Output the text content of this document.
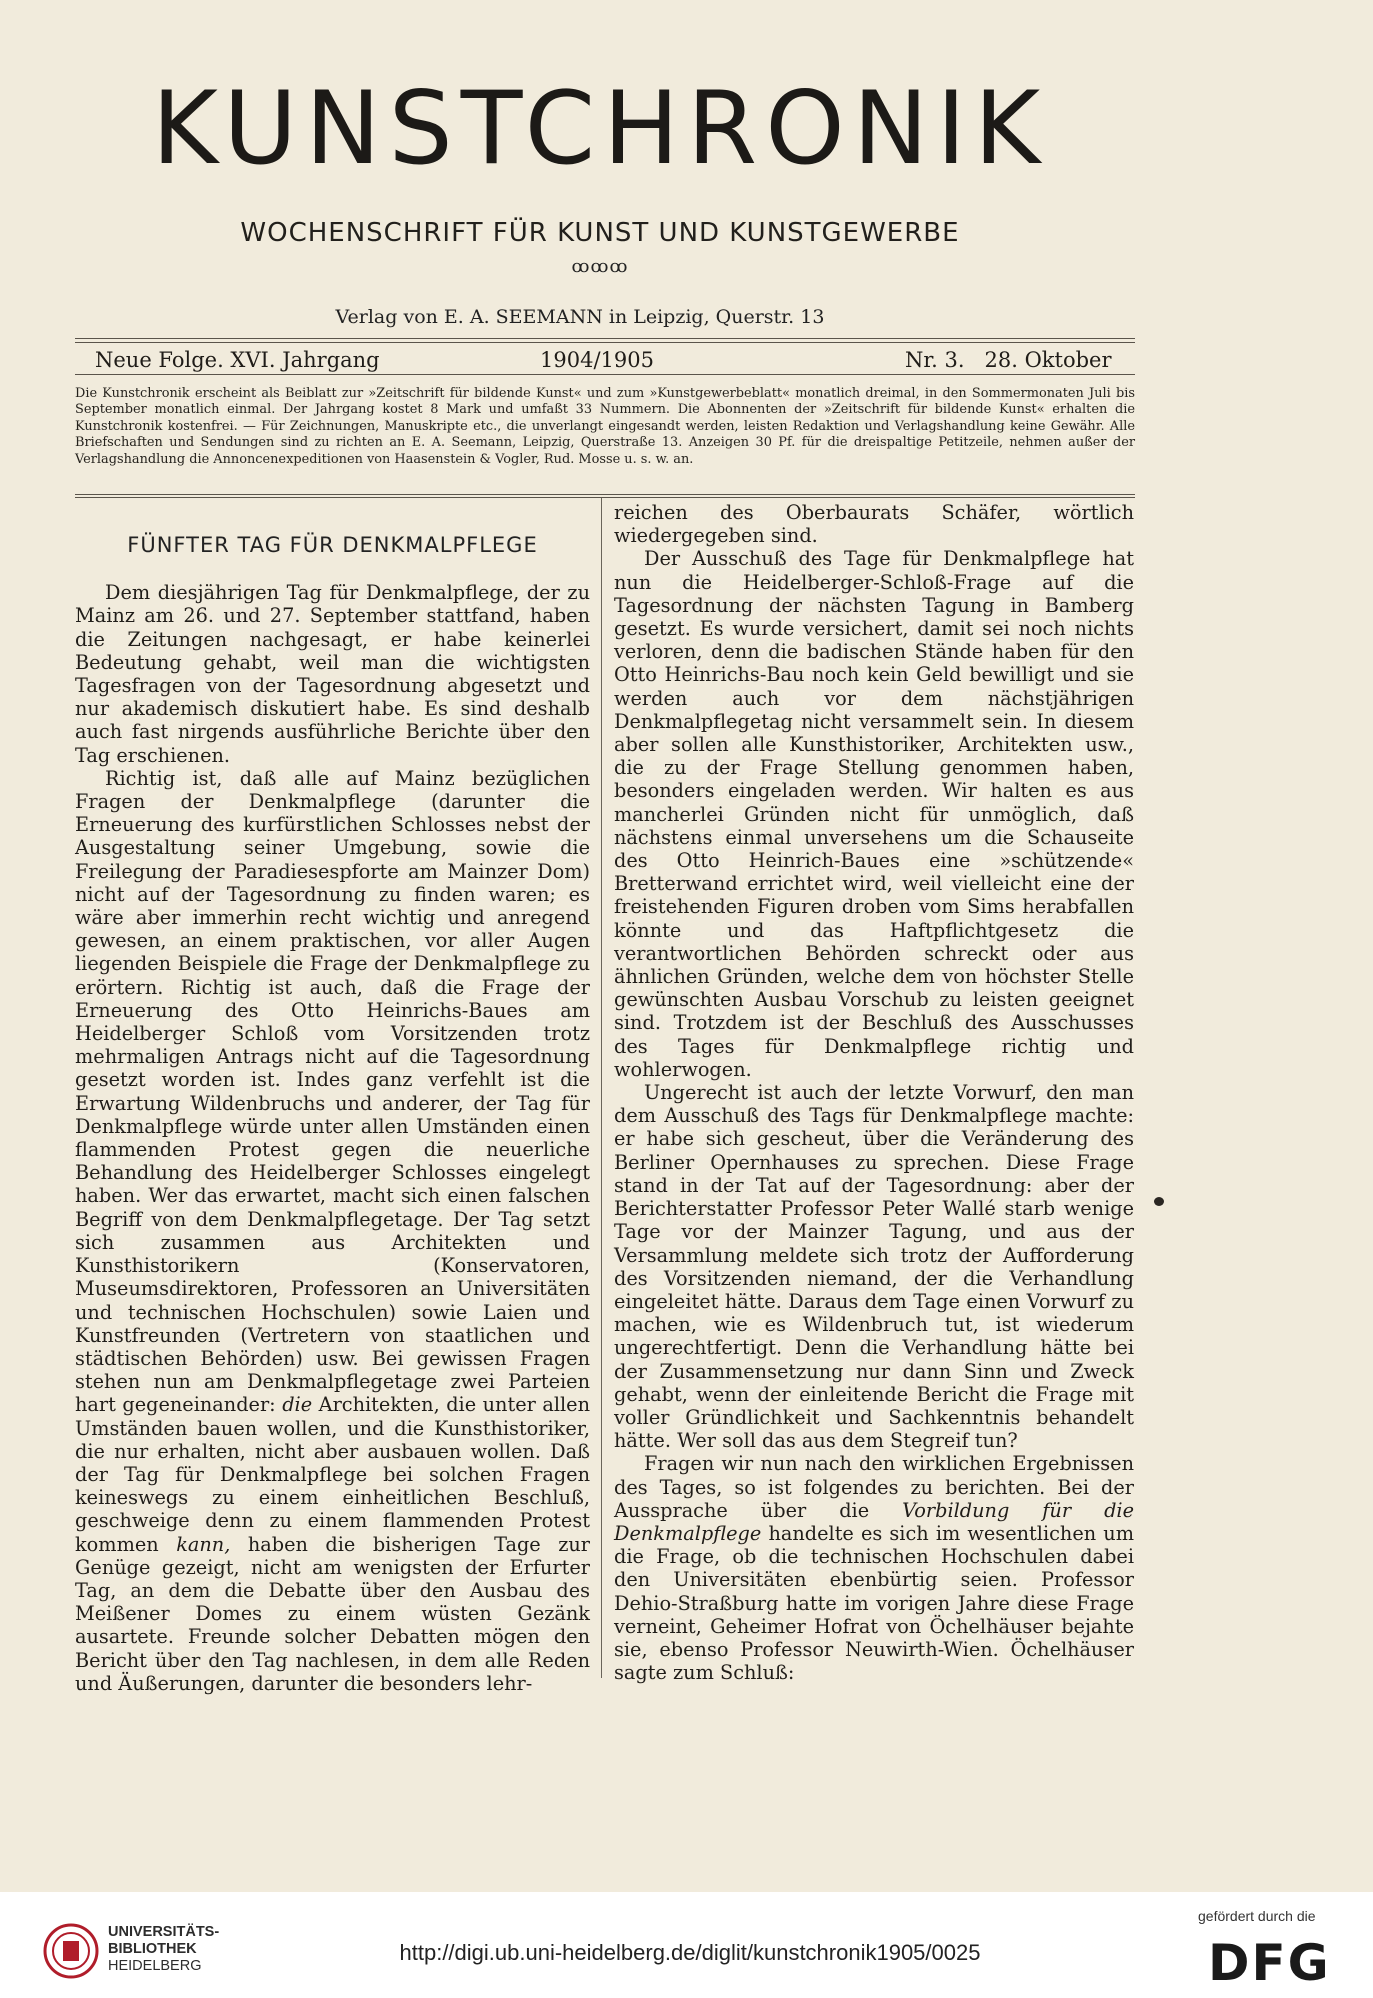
KUNSTCHRONIK
WOCHENSCHRIFT FÜR KUNST UND KUNSTGEWERBE
ꝏꝏꝏ
Verlag von E. A. SEEMANN in Leipzig, Querstr. 13
Neue Folge. XVI. Jahrgang	1904/1905	Nr. 3.   28. Oktober
Die Kunstchronik erscheint als Beiblatt zur »Zeitschrift für bildende Kunst« und zum »Kunstgewerbeblatt« monatlich dreimal, in den Sommermonaten Juli bis September monatlich einmal. Der Jahrgang kostet 8 Mark und umfaßt 33 Nummern. Die Abonnenten der »Zeitschrift für bildende Kunst« erhalten die Kunstchronik kostenfrei. — Für Zeichnungen, Manuskripte etc., die unverlangt eingesandt werden, leisten Redaktion und Verlagshandlung keine Gewähr. Alle Briefschaften und Sendungen sind zu richten an E. A. Seemann, Leipzig, Querstraße 13. Anzeigen 30 Pf. für die dreispaltige Petitzeile, nehmen außer der Verlagshandlung die Annoncenexpeditionen von Haasenstein & Vogler, Rud. Mosse u. s. w. an.
FÜNFTER TAG FÜR DENKMALPFLEGE

Dem diesjährigen Tag für Denkmalpflege, der zu Mainz am 26. und 27. September stattfand, haben die Zeitungen nachgesagt, er habe keinerlei Bedeutung gehabt, weil man die wichtigsten Tagesfragen von der Tagesordnung abgesetzt und nur akademisch diskutiert habe. Es sind deshalb auch fast nirgends ausführliche Berichte über den Tag erschienen.

Richtig ist, daß alle auf Mainz bezüglichen Fragen der Denkmalpflege (darunter die Erneuerung des kurfürstlichen Schlosses nebst der Ausgestaltung seiner Umgebung, sowie die Freilegung der Paradiesespforte am Mainzer Dom) nicht auf der Tagesordnung zu finden waren; es wäre aber immerhin recht wichtig und anregend gewesen, an einem praktischen, vor aller Augen liegenden Beispiele die Frage der Denkmalpflege zu erörtern. Richtig ist auch, daß die Frage der Erneuerung des Otto Heinrichs-Baues am Heidelberger Schloß vom Vorsitzenden trotz mehrmaligen Antrags nicht auf die Tagesordnung gesetzt worden ist. Indes ganz verfehlt ist die Erwartung Wildenbruchs und anderer, der Tag für Denkmalpflege würde unter allen Umständen einen flammenden Protest gegen die neuerliche Behandlung des Heidelberger Schlosses eingelegt haben. Wer das erwartet, macht sich einen falschen Begriff von dem Denkmalpflegetage. Der Tag setzt sich zusammen aus Architekten und Kunsthistorikern (Konservatoren, Museumsdirektoren, Professoren an Universitäten und technischen Hochschulen) sowie Laien und Kunstfreunden (Vertretern von staatlichen und städtischen Behörden) usw. Bei gewissen Fragen stehen nun am Denkmalpflegetage zwei Parteien hart gegeneinander: die Architekten, die unter allen Umständen bauen wollen, und die Kunsthistoriker, die nur erhalten, nicht aber ausbauen wollen. Daß der Tag für Denkmalpflege bei solchen Fragen keineswegs zu einem einheitlichen Beschluß, geschweige denn zu einem flammenden Protest kommen kann, haben die bisherigen Tage zur Genüge gezeigt, nicht am wenigsten der Erfurter Tag, an dem die Debatte über den Ausbau des Meißener Domes zu einem wüsten Gezänk ausartete. Freunde solcher Debatten mögen den Bericht über den Tag nachlesen, in dem alle Reden und Äußerungen, darunter die besonders lehr-

reichen des Oberbaurats Schäfer, wörtlich wiedergegeben sind.

Der Ausschuß des Tage für Denkmalpflege hat nun die Heidelberger-Schloß-Frage auf die Tagesordnung der nächsten Tagung in Bamberg gesetzt. Es wurde versichert, damit sei noch nichts verloren, denn die badischen Stände haben für den Otto Heinrichs-Bau noch kein Geld bewilligt und sie werden auch vor dem nächstjährigen Denkmalpflegetag nicht versammelt sein. In diesem aber sollen alle Kunsthistoriker, Architekten usw., die zu der Frage Stellung genommen haben, besonders eingeladen werden. Wir halten es aus mancherlei Gründen nicht für unmöglich, daß nächstens einmal unversehens um die Schauseite des Otto Heinrich-Baues eine »schützende« Bretterwand errichtet wird, weil vielleicht eine der freistehenden Figuren droben vom Sims herabfallen könnte und das Haftpflichtgesetz die verantwortlichen Behörden schreckt oder aus ähnlichen Gründen, welche dem von höchster Stelle gewünschten Ausbau Vorschub zu leisten geeignet sind. Trotzdem ist der Beschluß des Ausschusses des Tages für Denkmalpflege richtig und wohlerwogen.

Ungerecht ist auch der letzte Vorwurf, den man dem Ausschuß des Tags für Denkmalpflege machte: er habe sich gescheut, über die Veränderung des Berliner Opernhauses zu sprechen. Diese Frage stand in der Tat auf der Tagesordnung: aber der Berichterstatter Professor Peter Wallé starb wenige Tage vor der Mainzer Tagung, und aus der Versammlung meldete sich trotz der Aufforderung des Vorsitzenden niemand, der die Verhandlung eingeleitet hätte. Daraus dem Tage einen Vorwurf zu machen, wie es Wildenbruch tut, ist wiederum ungerechtfertigt. Denn die Verhandlung hätte bei der Zusammensetzung nur dann Sinn und Zweck gehabt, wenn der einleitende Bericht die Frage mit voller Gründlichkeit und Sachkenntnis behandelt hätte. Wer soll das aus dem Stegreif tun?

Fragen wir nun nach den wirklichen Ergebnissen des Tages, so ist folgendes zu berichten. Bei der Aussprache über die Vorbildung für die Denkmalpflege handelte es sich im wesentlichen um die Frage, ob die technischen Hochschulen dabei den Universitäten ebenbürtig seien. Professor Dehio-Straßburg hatte im vorigen Jahre diese Frage verneint, Geheimer Hofrat von Öchelhäuser bejahte sie, ebenso Professor Neuwirth-Wien. Öchelhäuser sagte zum Schluß:

UNIVERSITÄTS-
BIBLIOTHEK
HEIDELBERG
http://digi.ub.uni-heidelberg.de/diglit/kunstchronik1905/0025
gefördert durch die
DFG
